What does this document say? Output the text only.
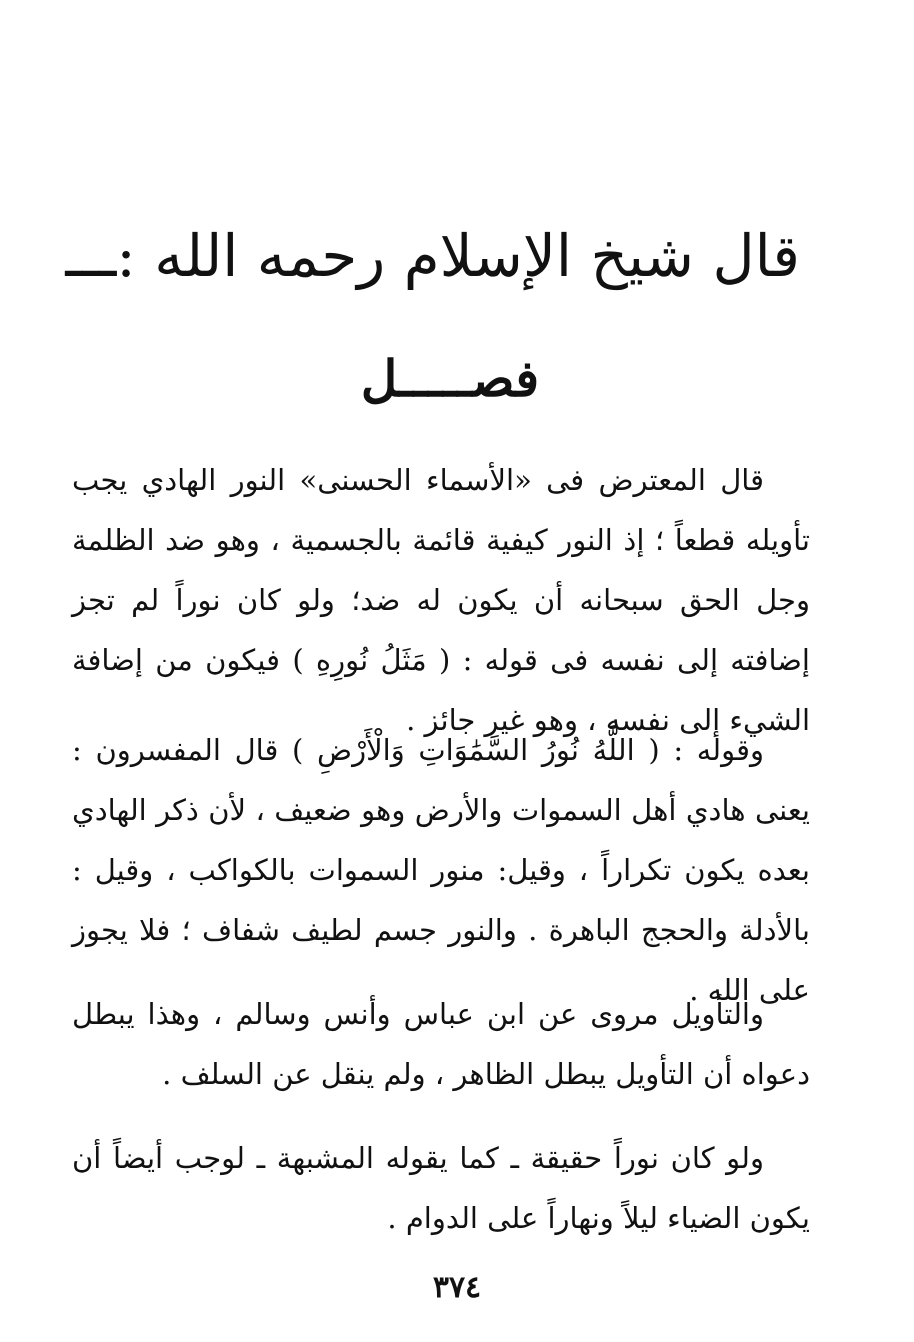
قال شيخ الإسلام رحمه الله :ـــ
فصـــــل
قال المعترض فى «الأسماء الحسنى» النور الهادي يجب تأويله قطعاً ؛ إذ النور كيفية قائمة بالجسمية ، وهو ضد الظلمة وجل الحق سبحانه أن يكون له ضد؛ ولو كان نوراً لم تجز إضافته إلى نفسه فى قوله : ( مَثَلُ نُورِهِ ) فيكون من إضافة الشيء إلى نفسه ، وهو غير جائز .
وقوله : ( اللَّهُ نُورُ السَّمَٰوَاتِ وَالْأَرْضِ ) قال المفسرون : يعنى هادي أهل السموات والأرض وهو ضعيف ، لأن ذكر الهادي بعده يكون تكراراً ، وقيل: منور السموات بالكواكب ، وقيل : بالأدلة والحجج الباهرة . والنور جسم لطيف شفاف ؛ فلا يجوز على الله .
والتأويل مروى عن ابن عباس وأنس وسالم ، وهذا يبطل دعواه أن التأويل يبطل الظاهر ، ولم ينقل عن السلف .
ولو كان نوراً حقيقة ـ كما يقوله المشبهة ـ لوجب أيضاً أن يكون الضياء ليلاً ونهاراً على الدوام .
٣٧٤
